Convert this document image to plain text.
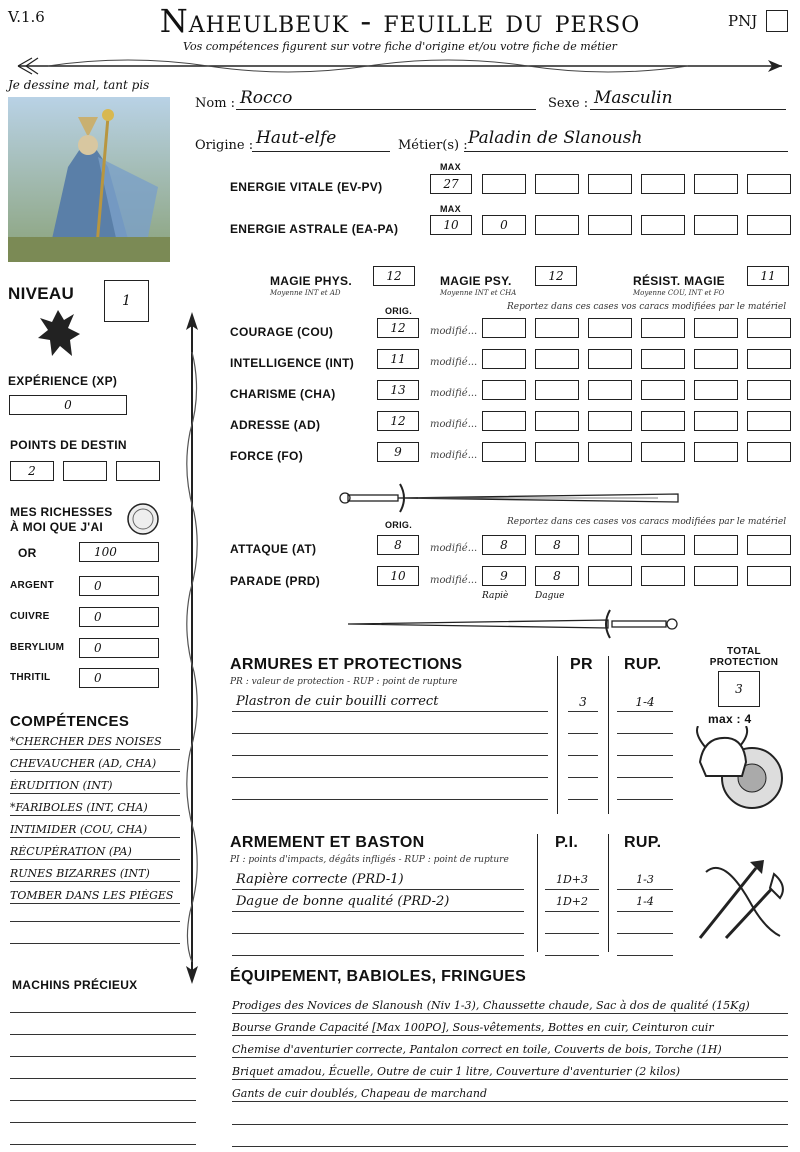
V.1.6	Naheulbeuk - feuille du perso	PNJ
Vos compétences figurent sur votre fiche d'origine et/ou votre fiche de métier
Je dessine mal, tant pis
Nom : Rocco	Sexe : Masculin
Origine : Haut-elfe	Métier(s) : Paladin de Slanoush
MAX
ENERGIE VITALE (EV-PV)	27
MAX
ENERGIE ASTRALE (EA-PA)	10	0
MAGIE PHYS.
Moyenne INT et AD
12	MAGIE PSY.
Moyenne INT et CHA
12	RÉSIST. MAGIE
Moyenne COU, INT et FO
11
ORIG.	Reportez dans ces cases vos caracs modifiées par le matériel
COURAGE (COU)	12	modifié...
INTELLIGENCE (INT)	11	modifié...
CHARISME (CHA)	13	modifié...
ADRESSE (AD)	12	modifié...
FORCE (FO)	9	modifié...
ORIG.	Reportez dans ces cases vos caracs modifiées par le matériel
ATTAQUE (AT)	8	modifié...	8	8
PARADE (PRD)	10	modifié...	9	8
Rapiè	Dague
NIVEAU	1
EXPÉRIENCE (XP)
0
POINTS DE DESTIN
2
MES RICHESSES
À MOI QUE J'AI
OR	100
ARGENT	0
CUIVRE	0
BERYLIUM	0
THRITIL	0
COMPÉTENCES
*CHERCHER DES NOISES
CHEVAUCHER (AD, CHA)
ÉRUDITION (INT)
*FARIBOLES (INT, CHA)
INTIMIDER (COU, CHA)
RÉCUPÉRATION (PA)
RUNES BIZARRES (INT)
TOMBER DANS LES PIÈGES
MACHINS PRÉCIEUX
ARMURES ET PROTECTIONS
PR : valeur de protection - RUP : point de rupture
PR RUP.
Plastron de cuir bouilli correct	3	1-4
TOTAL
PROTECTION
3
max : 4
ARMEMENT ET BASTON
PI : points d'impacts, dégâts infligés - RUP : point de rupture
P.I.	RUP.
Rapière correcte (PRD-1)	1D+3	1-3
Dague de bonne qualité (PRD-2)	1D+2	1-4
ÉQUIPEMENT, BABIOLES, FRINGUES
Prodiges des Novices de Slanoush (Niv 1-3), Chaussette chaude, Sac à dos de qualité (15Kg)
Bourse Grande Capacité [Max 100PO], Sous-vêtements, Bottes en cuir, Ceinturon cuir
Chemise d'aventurier correcte, Pantalon correct en toile, Couverts de bois, Torche (1H)
Briquet amadou, Écuelle, Outre de cuir 1 litre, Couverture d'aventurier (2 kilos)
Gants de cuir doublés, Chapeau de marchand
